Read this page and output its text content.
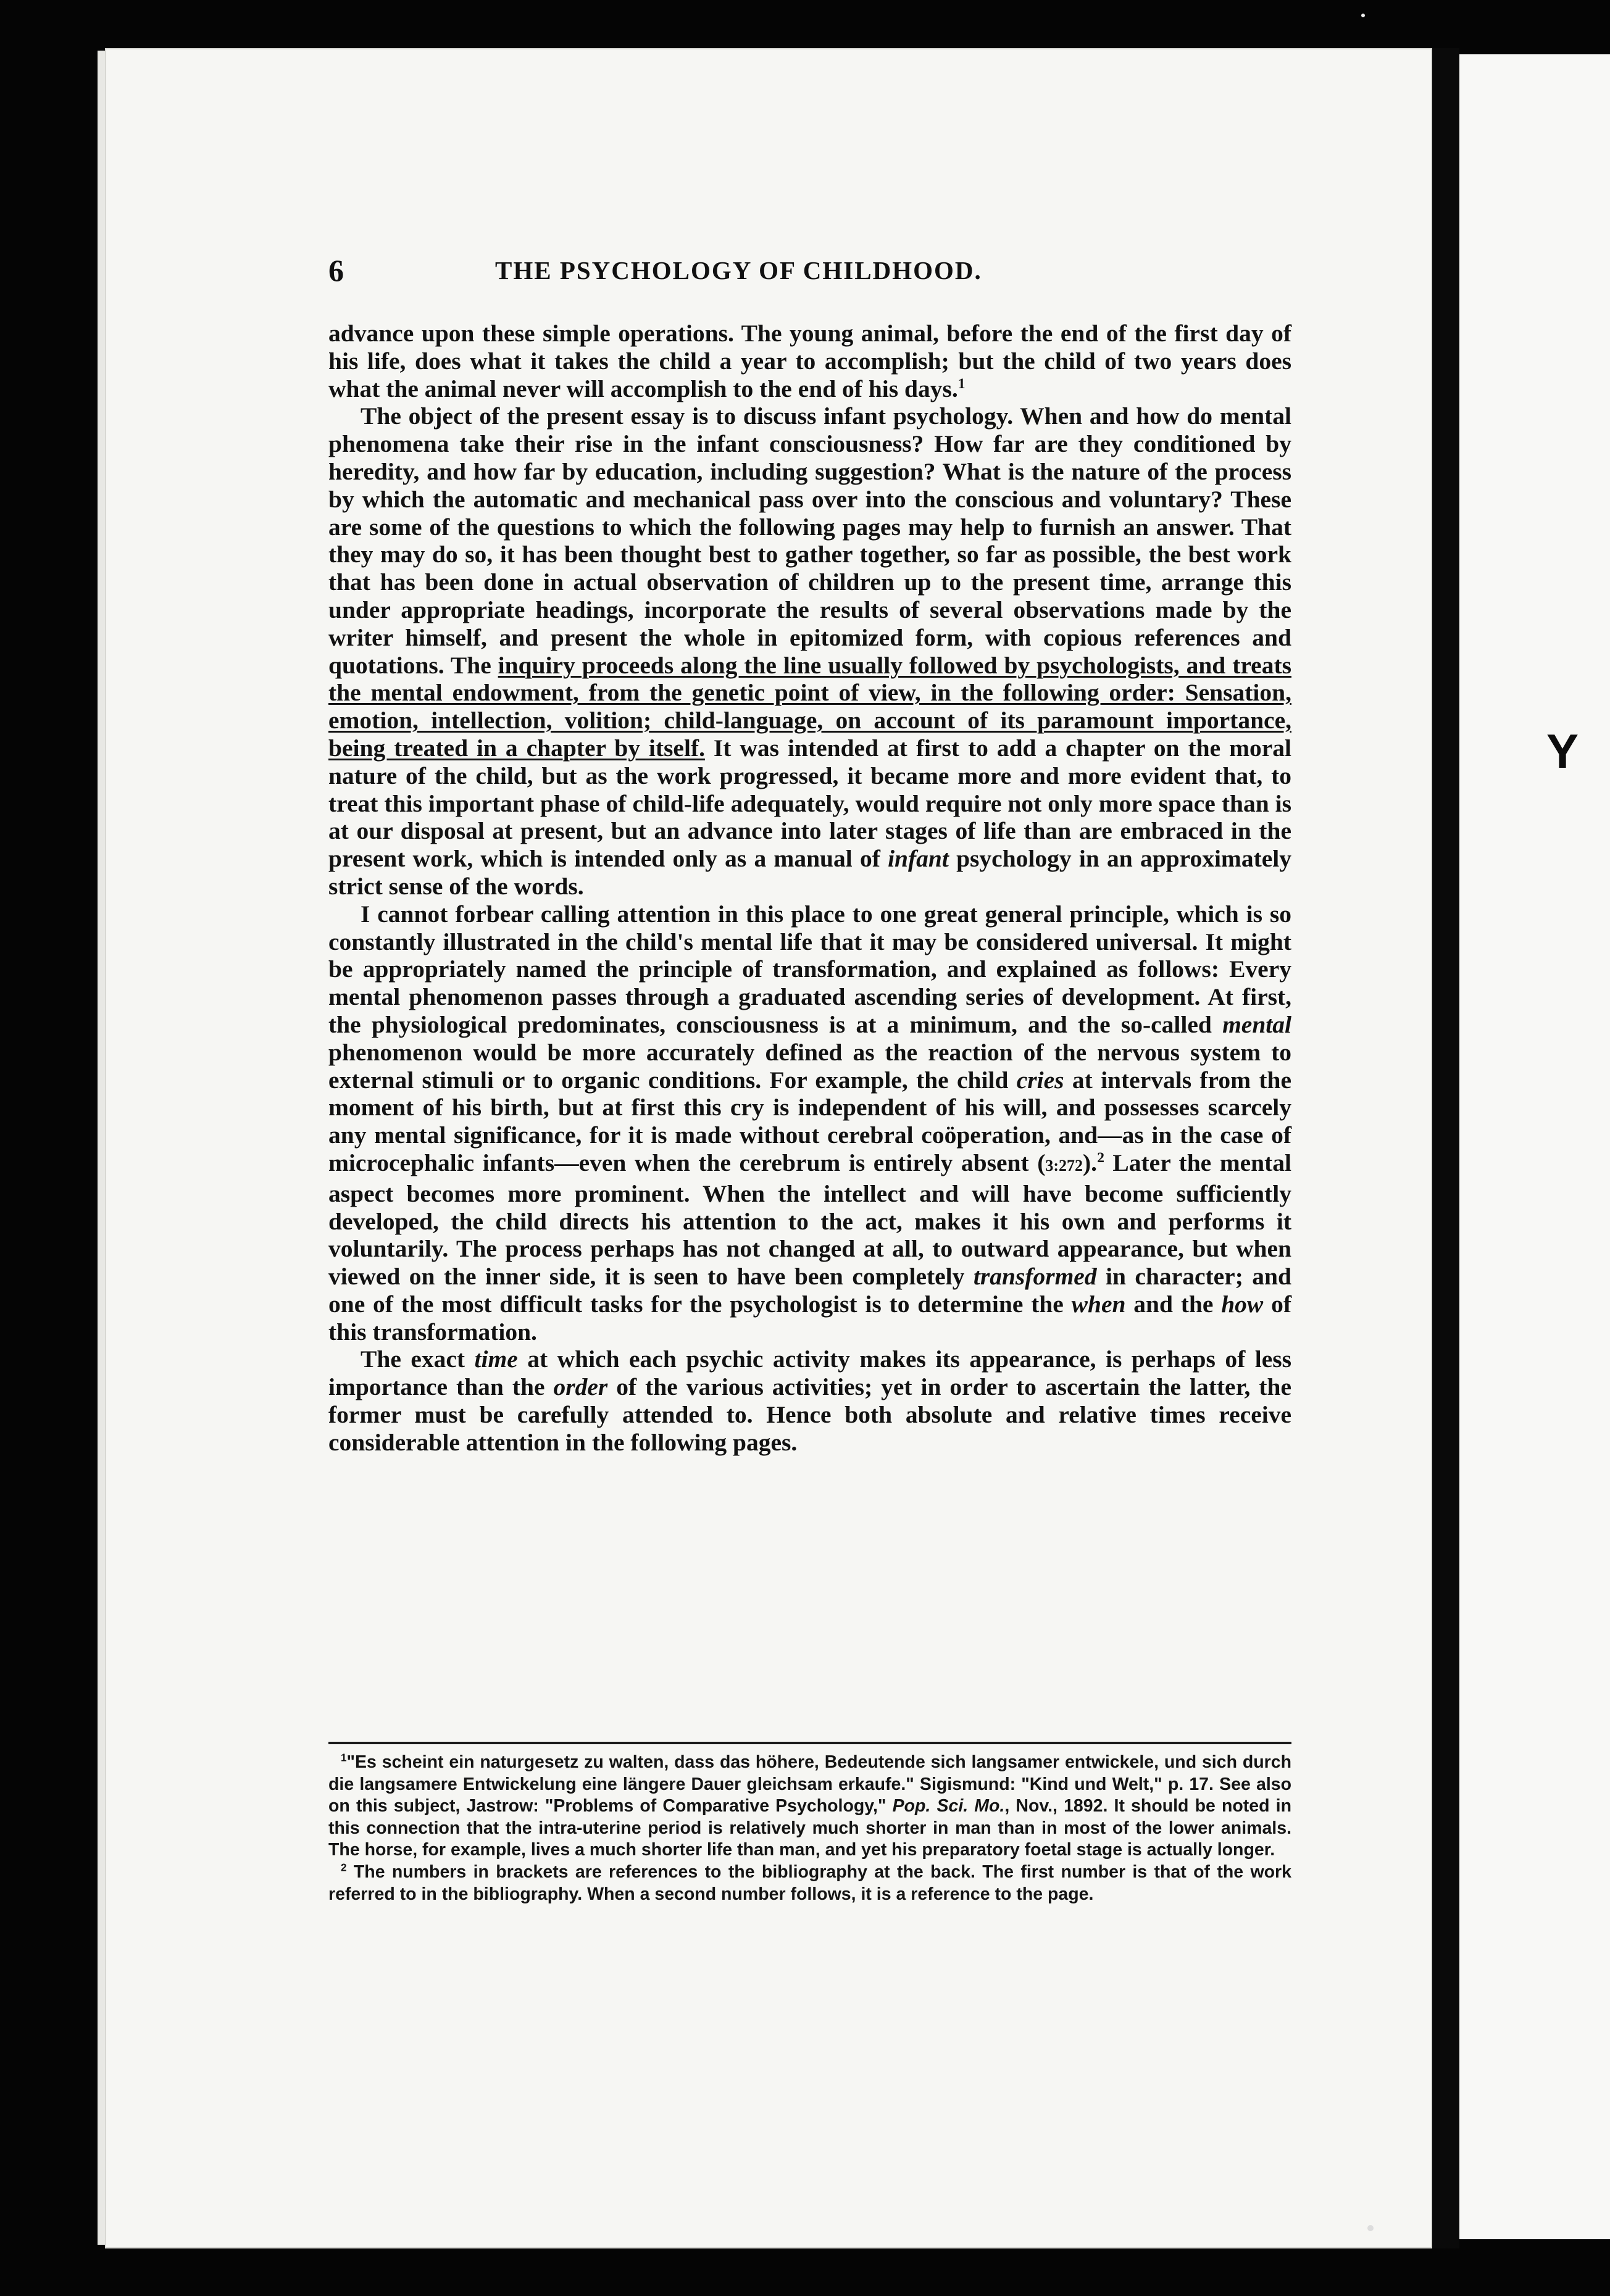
Y
6	THE PSYCHOLOGY OF CHILDHOOD.

advance upon these simple operations. The young animal, before the end of the first day of his life, does what it takes the child a year to accomplish; but the child of two years does what the animal never will accomplish to the end of his days.$^1$

The object of the present essay is to discuss infant psychology. When and how do mental phenomena take their rise in the infant consciousness? How far are they conditioned by heredity, and how far by education, including suggestion? What is the nature of the process by which the automatic and mechanical pass over into the conscious and voluntary? These are some of the questions to which the following pages may help to furnish an answer. That they may do so, it has been thought best to gather together, so far as possible, the best work that has been done in actual observation of children up to the present time, arrange this under appropriate headings, incorporate the results of several observations made by the writer himself, and present the whole in epitomized form, with copious references and quotations. The inquiry proceeds along the line usually followed by psychologists, and treats the mental endowment, from the genetic point of view, in the following order: Sensation, emotion, intellection, volition; child-language, on account of its paramount importance, being treated in a chapter by itself. It was intended at first to add a chapter on the moral nature of the child, but as the work progressed, it became more and more evident that, to treat this important phase of child-life adequately, would require not only more space than is at our disposal at present, but an advance into later stages of life than are embraced in the present work, which is intended only as a manual of infant psychology in an approximately strict sense of the words.

I cannot forbear calling attention in this place to one great general principle, which is so constantly illustrated in the child's mental life that it may be considered universal. It might be appropriately named the principle of transformation, and explained as follows: Every mental phenomenon passes through a graduated ascending series of development. At first, the physiological predominates, consciousness is at a minimum, and the so-called mental phenomenon would be more accurately defined as the reaction of the nervous system to external stimuli or to organic conditions. For example, the child cries at intervals from the moment of his birth, but at first this cry is independent of his will, and possesses scarcely any mental significance, for it is made without cerebral coöperation, and—as in the case of microcephalic infants—even when the cerebrum is entirely absent (3:272).$^2$ Later the mental aspect becomes more prominent. When the intellect and will have become sufficiently developed, the child directs his attention to the act, makes it his own and performs it voluntarily. The process perhaps has not changed at all, to outward appearance, but when viewed on the inner side, it is seen to have been completely transformed in character; and one of the most difficult tasks for the psychologist is to determine the when and the how of this transformation.

The exact time at which each psychic activity makes its appearance, is perhaps of less importance than the order of the various activities; yet in order to ascertain the latter, the former must be carefully attended to. Hence both absolute and relative times receive considerable attention in the following pages.

$^1$"Es scheint ein naturgesetz zu walten, dass das höhere, Bedeutende sich langsamer entwickele, und sich durch die langsamere Entwickelung eine längere Dauer gleichsam erkaufe." Sigismund: "Kind und Welt," p. 17. See also on this subject, Jastrow: "Problems of Comparative Psychology," Pop. Sci. Mo., Nov., 1892. It should be noted in this connection that the intra-uterine period is relatively much shorter in man than in most of the lower animals. The horse, for example, lives a much shorter life than man, and yet his preparatory foetal stage is actually longer.

$^2$ The numbers in brackets are references to the bibliography at the back. The first number is that of the work referred to in the bibliography. When a second number follows, it is a reference to the page.
